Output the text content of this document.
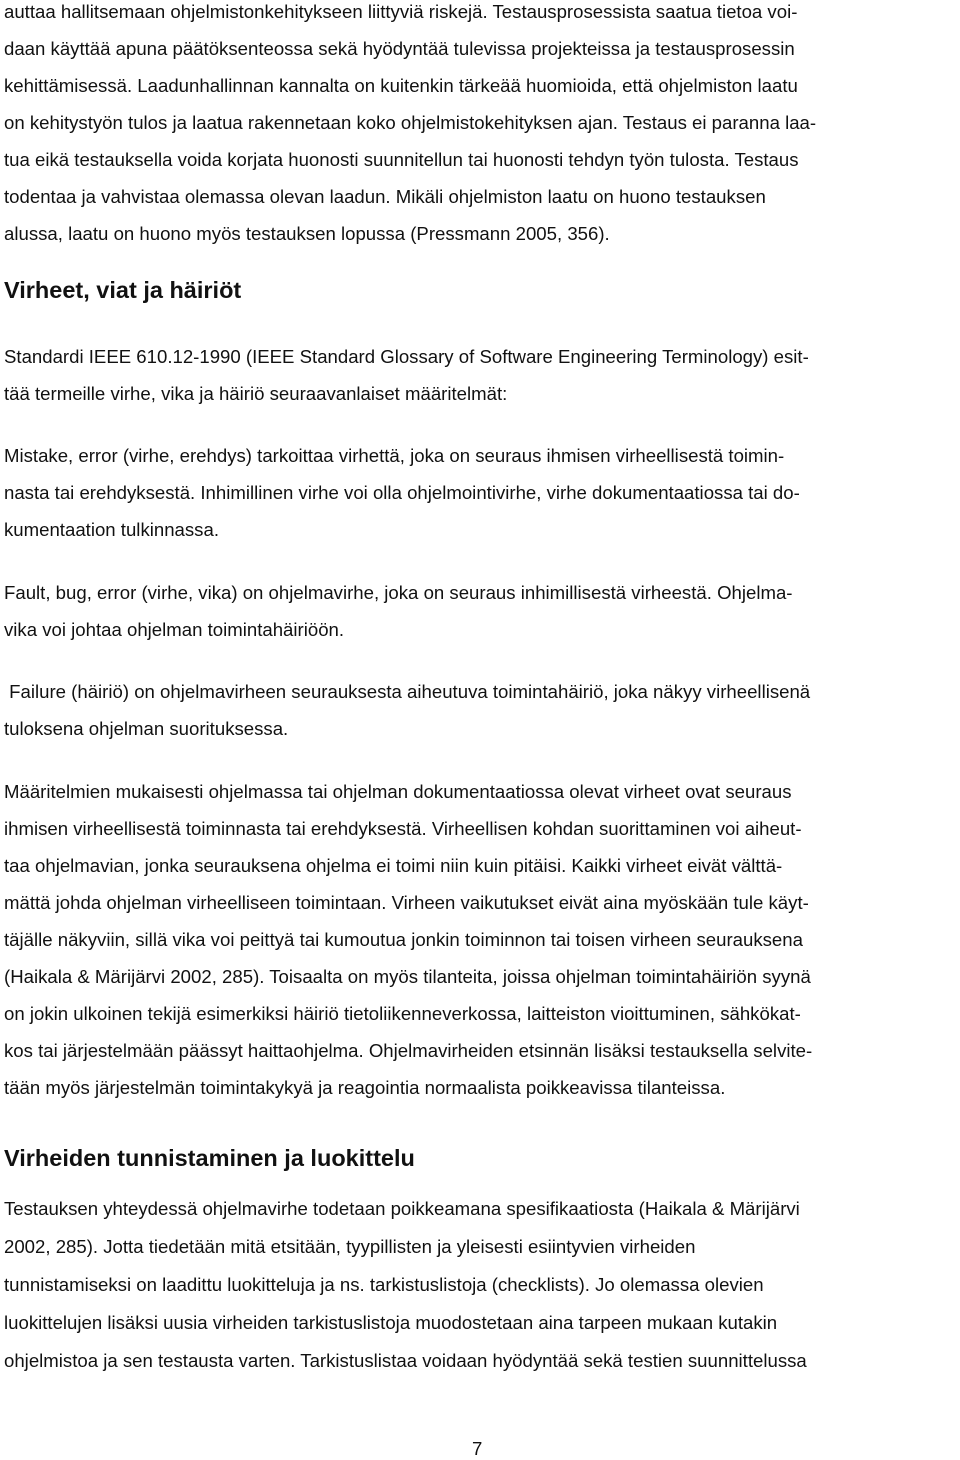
auttaa hallitsemaan ohjelmistonkehitykseen liittyviä riskejä. Testausprosessista saatua tietoa voi-
daan käyttää apuna päätöksenteossa sekä hyödyntää tulevissa projekteissa ja testausprosessin
kehittämisessä. Laadunhallinnan kannalta on kuitenkin tärkeää huomioida, että ohjelmiston laatu
on kehitystyön tulos ja laatua rakennetaan koko ohjelmistokehityksen ajan. Testaus ei paranna laa-
tua eikä testauksella voida korjata huonosti suunnitellun tai huonosti tehdyn työn tulosta. Testaus
todentaa ja vahvistaa olemassa olevan laadun. Mikäli ohjelmiston laatu on huono testauksen
alussa, laatu on huono myös testauksen lopussa (Pressmann 2005, 356).
Virheet, viat ja häiriöt
Standardi IEEE 610.12-1990 (IEEE Standard Glossary of Software Engineering Terminology) esit-
tää termeille virhe, vika ja häiriö seuraavanlaiset määritelmät:
Mistake, error (virhe, erehdys) tarkoittaa virhettä, joka on seuraus ihmisen virheellisestä toimin-
nasta tai erehdyksestä. Inhimillinen virhe voi olla ohjelmointivirhe, virhe dokumentaatiossa tai do-
kumentaation tulkinnassa.
Fault, bug, error (virhe, vika) on ohjelmavirhe, joka on seuraus inhimillisestä virheestä. Ohjelma-
vika voi johtaa ohjelman toimintahäiriöön.
Failure (häiriö) on ohjelmavirheen seurauksesta aiheutuva toimintahäiriö, joka näkyy virheellisenä
tuloksena ohjelman suorituksessa.
Määritelmien mukaisesti ohjelmassa tai ohjelman dokumentaatiossa olevat virheet ovat seuraus
ihmisen virheellisestä toiminnasta tai erehdyksestä. Virheellisen kohdan suorittaminen voi aiheut-
taa ohjelmavian, jonka seurauksena ohjelma ei toimi niin kuin pitäisi. Kaikki virheet eivät välttä-
mättä johda ohjelman virheelliseen toimintaan. Virheen vaikutukset eivät aina myöskään tule käyt-
täjälle näkyviin, sillä vika voi peittyä tai kumoutua jonkin toiminnon tai toisen virheen seurauksena
(Haikala & Märijärvi 2002, 285). Toisaalta on myös tilanteita, joissa ohjelman toimintahäiriön syynä
on jokin ulkoinen tekijä esimerkiksi häiriö tietoliikenneverkossa, laitteiston vioittuminen, sähkökat-
kos tai järjestelmään päässyt haittaohjelma. Ohjelmavirheiden etsinnän lisäksi testauksella selvite-
tään myös järjestelmän toimintakykyä ja reagointia normaalista poikkeavissa tilanteissa.
Virheiden tunnistaminen ja luokittelu
Testauksen yhteydessä ohjelmavirhe todetaan poikkeamana spesifikaatiosta (Haikala & Märijärvi
2002, 285). Jotta tiedetään mitä etsitään, tyypillisten ja yleisesti esiintyvien virheiden
tunnistamiseksi on laadittu luokitteluja ja ns. tarkistuslistoja (checklists). Jo olemassa olevien
luokittelujen lisäksi uusia virheiden tarkistuslistoja muodostetaan aina tarpeen mukaan kutakin
ohjelmistoa ja sen testausta varten. Tarkistuslistaa voidaan hyödyntää sekä testien suunnittelussa
7
